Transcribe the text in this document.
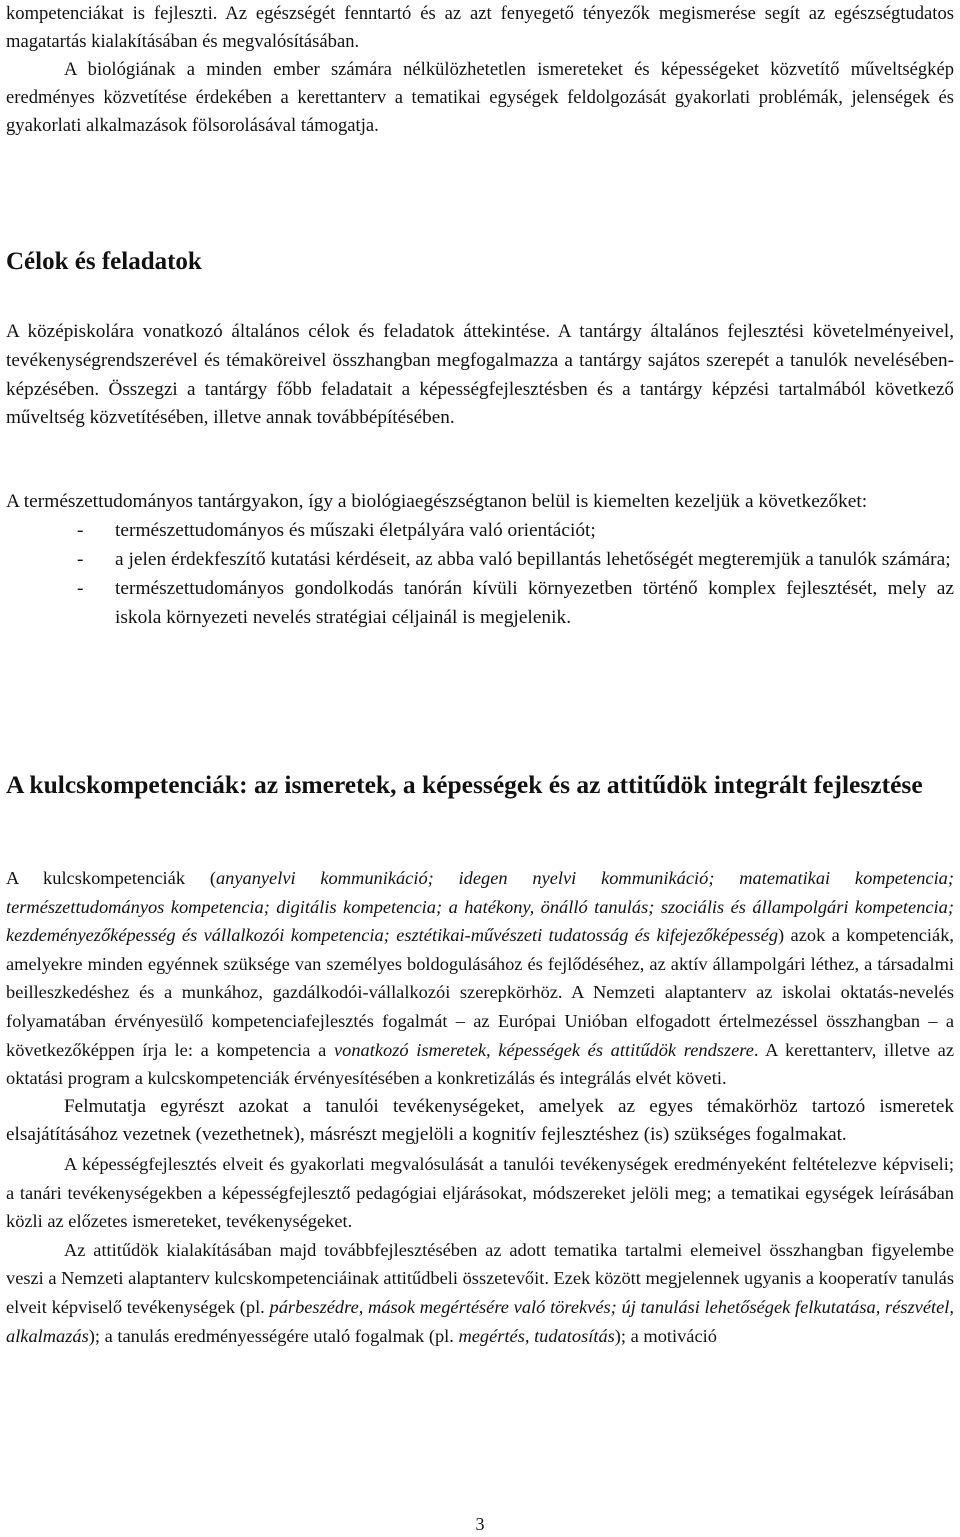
kompetenciákat is fejleszti. Az egészségét fenntartó és az azt fenyegető tényezők megismerése segít az egészségtudatos magatartás kialakításában és megvalósításában.

A biológiának a minden ember számára nélkülözhetetlen ismereteket és képességeket közvetítő műveltségkép eredményes közvetítése érdekében a kerettanterv a tematikai egységek feldolgozását gyakorlati problémák, jelenségek és gyakorlati alkalmazások fölsorolásával támogatja.

Célok és feladatok

A középiskolára vonatkozó általános célok és feladatok áttekintése. A tantárgy általános fejlesztési követelményeivel, tevékenységrendszerével és témaköreivel összhangban megfogalmazza a tantárgy sajátos szerepét a tanulók nevelésében-képzésében. Összegzi a tantárgy főbb feladatait a képességfejlesztésben és a tantárgy képzési tartalmából következő műveltség közvetítésében, illetve annak továbbépítésében.

A természettudományos tantárgyakon, így a biológiaegészségtanon belül is kiemelten kezeljük a következőket:

- természettudományos és műszaki életpályára való orientációt;
- a jelen érdekfeszítő kutatási kérdéseit, az abba való bepillantás lehetőségét megteremjük a tanulók számára;
- természettudományos gondolkodás tanórán kívüli környezetben történő komplex fejlesztését, mely az iskola környezeti nevelés stratégiai céljainál is megjelenik.
A kulcskompetenciák: az ismeretek, a képességek és az attitűdök integrált fejlesztése

A kulcskompetenciák (anyanyelvi kommunikáció; idegen nyelvi kommunikáció; matematikai kompetencia; természettudományos kompetencia; digitális kompetencia; a hatékony, önálló tanulás; szociális és állampolgári kompetencia; kezdeményezőképesség és vállalkozói kompetencia; esztétikai-művészeti tudatosság és kifejezőképesség) azok a kompetenciák, amelyekre minden egyénnek szüksége van személyes boldogulásához és fejlődéséhez, az aktív állampolgári léthez, a társadalmi beilleszkedéshez és a munkához, gazdálkodói-vállalkozói szerepkörhöz. A Nemzeti alaptanterv az iskolai oktatás-nevelés folyamatában érvényesülő kompetenciafejlesztés fogalmát – az Európai Unióban elfogadott értelmezéssel összhangban – a következőképpen írja le: a kompetencia a vonatkozó ismeretek, képességek és attitűdök rendszere. A kerettanterv, illetve az oktatási program a kulcskompetenciák érvényesítésében a konkretizálás és integrálás elvét követi.

Felmutatja egyrészt azokat a tanulói tevékenységeket, amelyek az egyes témakörhöz tartozó ismeretek elsajátításához vezetnek (vezethetnek), másrészt megjelöli a kognitív fejlesztéshez (is) szükséges fogalmakat.

A képességfejlesztés elveit és gyakorlati megvalósulását a tanulói tevékenységek eredményeként feltételezve képviseli; a tanári tevékenységekben a képességfejlesztő pedagógiai eljárásokat, módszereket jelöli meg; a tematikai egységek leírásában közli az előzetes ismereteket, tevékenységeket.

Az attitűdök kialakításában majd továbbfejlesztésében az adott tematika tartalmi elemeivel összhangban figyelembe veszi a Nemzeti alaptanterv kulcskompetenciáinak attitűdbeli összetevőit. Ezek között megjelennek ugyanis a kooperatív tanulás elveit képviselő tevékenységek (pl. párbeszédre, mások megértésére való törekvés; új tanulási lehetőségek felkutatása, részvétel, alkalmazás); a tanulás eredményességére utaló fogalmak (pl. megértés, tudatosítás); a motiváció

3
